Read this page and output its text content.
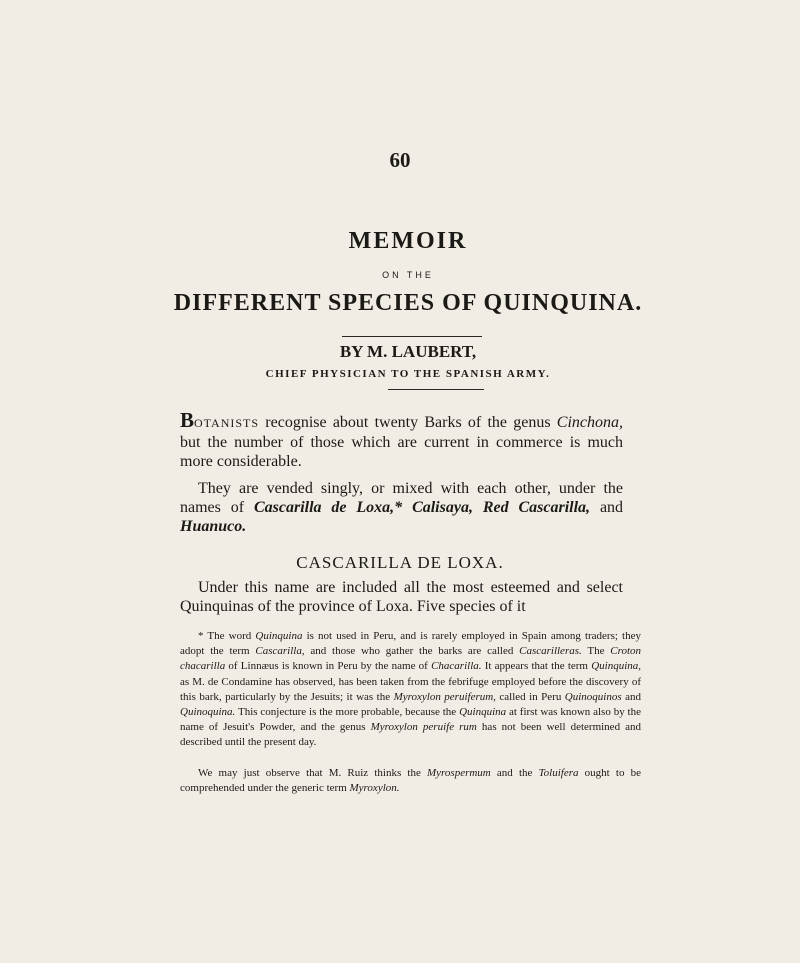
60
MEMOIR
ON THE
DIFFERENT SPECIES OF QUINQUINA.
BY M. LAUBERT,
CHIEF PHYSICIAN TO THE SPANISH ARMY.
BOTANISTS recognise about twenty Barks of the genus Cinchona, but the number of those which are current in commerce is much more considerable.
They are vended singly, or mixed with each other, under the names of Cascarilla de Loxa,* Calisaya, Red Cascarilla, and Huanuco.
CASCARILLA DE LOXA.
Under this name are included all the most esteemed and select Quinquinas of the province of Loxa. Five species of it
* The word Quinquina is not used in Peru, and is rarely employed in Spain among traders; they adopt the term Cascarilla, and those who gather the barks are called Cascarilleras. The Croton chacarilla of Linnæus is known in Peru by the name of Chacarilla. It appears that the term Quinquina, as M. de Condamine has observed, has been taken from the febrifuge employed before the discovery of this bark, particularly by the Jesuits; it was the Myroxylon peruiferum, called in Peru Quinoquinos and Quinoquina. This conjecture is the more probable, because the Quinquina at first was known also by the name of Jesuit's Powder, and the genus Myroxylon peruife rum has not been well determined and described until the present day.
We may just observe that M. Ruiz thinks the Myrospermum and the Toluifera ought to be comprehended under the generic term Myroxylon.
